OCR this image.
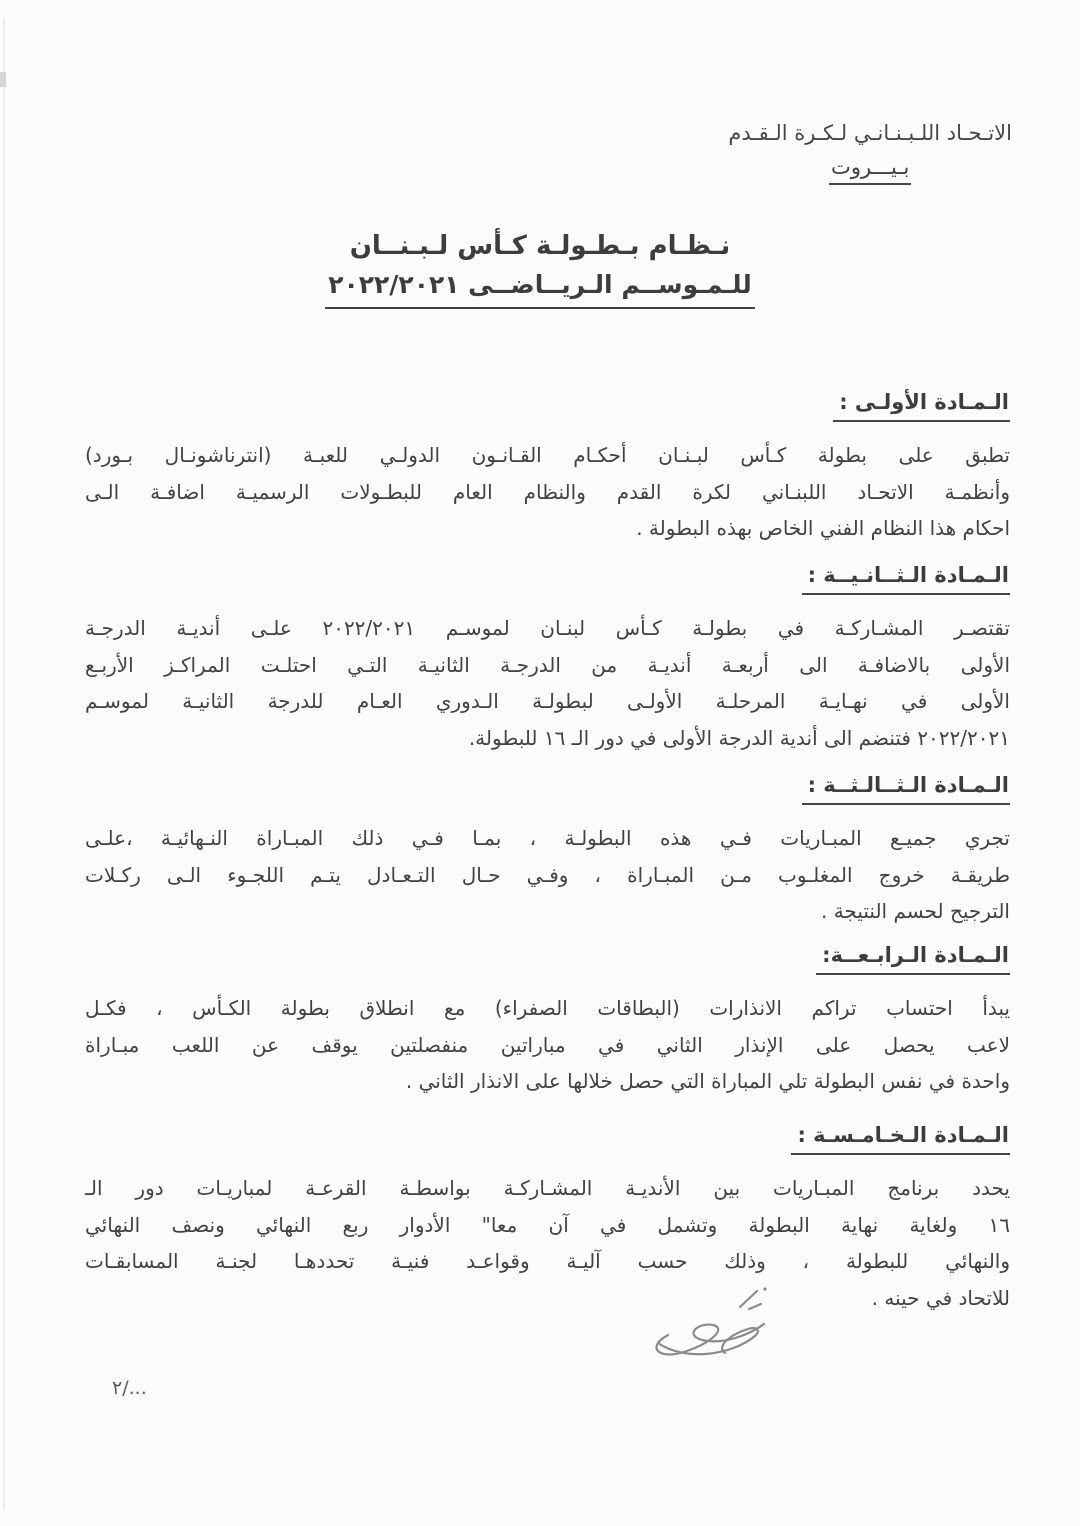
الاتـحـاد اللـبـنـانـي لـكـرة الـقـدم
بـيـــروت
نـظـام بـطـولـة كـأس لـبـنــان
للـمـوســم الـريــاضــى ٢٠٢٢/٢٠٢١
الـمـادة الأولـى :
تطبق على بطولة كـأس لبـنـان أحكـام القـانـون الدولـي للعبـة (انترناشونـال بـورد)
وأنظمـة الاتحـاد اللبنـاني لكرة القدم والنظام العام للبطـولات الرسميـة اضافـة الـى
احكام هذا النظام الفني الخاص بهذه البطولة .
الـمـادة الـثــانـيــة :
تقتصـر المشـاركـة في بطولـة كـأس لبنـان لموسـم ٢٠٢٢/٢٠٢١ علـى أنديـة الدرجـة
الأولى بالاضافـة الى أربعـة أنديـة من الدرجـة الثانيـة التـي احتلـت المراكـز الأربـع
الأولى في نهـايـة المرحلـة الأولـى لبطولـة الـدوري العـام للدرجة الثانيـة لموسـم
٢٠٢٢/٢٠٢١ فتنضم الى أندية الدرجة الأولى في دور الـ ١٦ للبطولة.
الـمـادة الـثــالـثــة :
تجري جميـع المبـاريات فـي هذه البطولـة ، بمـا فـي ذلك المبـاراة النـهائيـة ،علـى
طريقـة خروج المغلـوب مـن المبـاراة ، وفـي حـال التـعـادل يتـم اللجـوء الـى ركـلات
الترجيح لحسم النتيجة .
الـمـادة الـرابـعــة:
يبدأ احتساب تراكم الانذارات (البطاقات الصفراء) مع انطلاق بطولة الكـأس ، فكـل
لاعب يحصل على الإنذار الثاني في مباراتين منفصلتين يوقف عن اللعب مبـاراة
واحدة في نفس البطولة تلي المباراة التي حصل خلالها على الانذار الثاني .
الـمـادة الـخـامـسـة :
يحدد برنامج المبـاريات بين الأنديـة المشـاركـة بواسطـة القرعـة لمباريـات دور الـ
١٦ ولغاية نهاية البطولة وتشمل في آن معا" الأدوار ربع النهائي ونصف النهائي
والنهائي للبطولة ، وذلك حسب آليـة وقواعـد فنيـة تحددهـا لجنـة المسابقـات
للاتحاد في حينه .
٢/...
